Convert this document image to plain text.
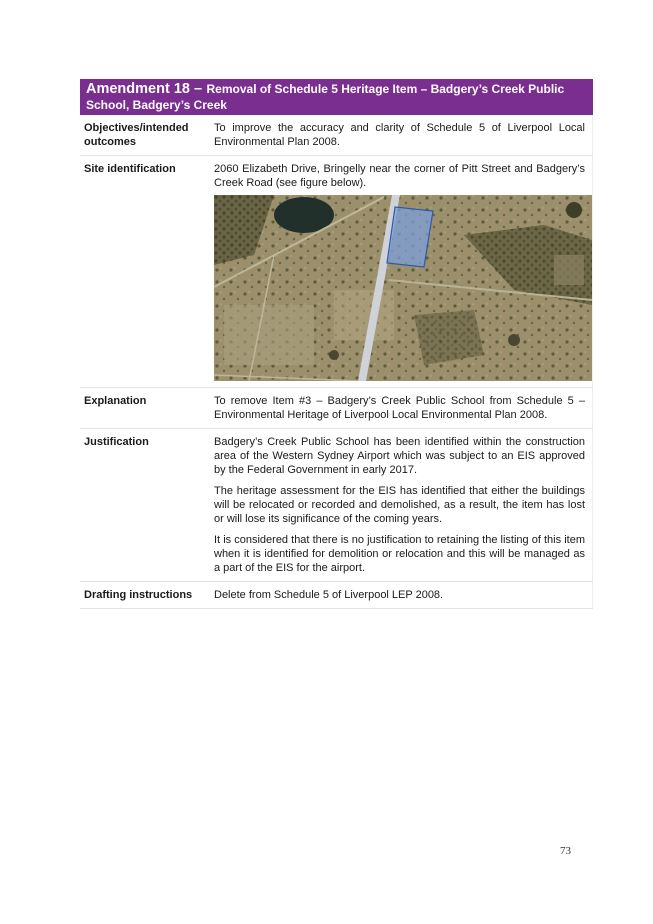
Amendment 18 – Removal of Schedule 5 Heritage Item – Badgery’s Creek Public School, Badgery’s Creek	
Objectives/intended outcomes	To improve the accuracy and clarity of Schedule 5 of Liverpool Local Environmental Plan 2008.
Site identification	2060 Elizabeth Drive, Bringelly near the corner of Pitt Street and Badgery’s Creek Road (see figure below).

Explanation	To remove Item #3 – Badgery’s Creek Public School from Schedule 5 – Environmental Heritage of Liverpool Local Environmental Plan 2008.
Justification	Badgery’s Creek Public School has been identified within the construction area of the Western Sydney Airport which was subject to an EIS approved by the Federal Government in early 2017.

The heritage assessment for the EIS has identified that either the buildings will be relocated or recorded and demolished, as a result, the item has lost or will lose its significance of the coming years.

It is considered that there is no justification to retaining the listing of this item when it is identified for demolition or relocation and this will be managed as a part of the EIS for the airport.

Drafting instructions	Delete from Schedule 5 of Liverpool LEP 2008.
73
